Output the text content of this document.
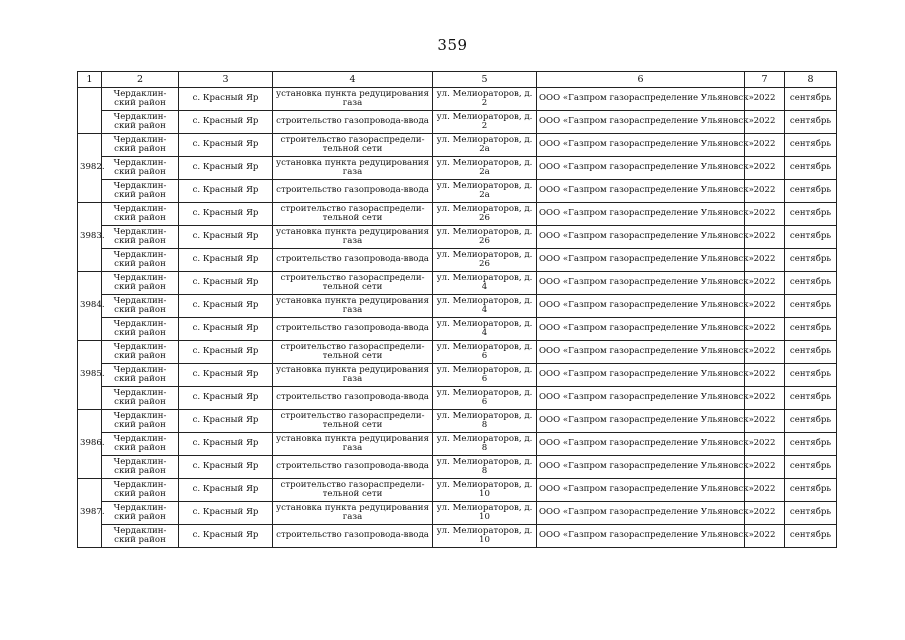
359
1	2	3	4	5	6	7	8
	Чердаклин-ский район	с. Красный Яр	установка пункта редуцирования газа	ул. Мелиораторов, д. 2	ООО «Газпром газораспределение Ульяновск»	2022	сентябрь
	Чердаклин-ский район	с. Красный Яр	строительство газопровода-ввода	ул. Мелиораторов, д. 2	ООО «Газпром газораспределение Ульяновск»	2022	сентябрь
3982.	Чердаклин-ский район	с. Красный Яр	строительство газораспредели-тельной сети	ул. Мелиораторов, д. 2а	ООО «Газпром газораспределение Ульяновск»	2022	сентябрь
	Чердаклин-ский район	с. Красный Яр	установка пункта редуцирования газа	ул. Мелиораторов, д. 2а	ООО «Газпром газораспределение Ульяновск»	2022	сентябрь
	Чердаклин-ский район	с. Красный Яр	строительство газопровода-ввода	ул. Мелиораторов, д. 2а	ООО «Газпром газораспределение Ульяновск»	2022	сентябрь
3983.	Чердаклин-ский район	с. Красный Яр	строительство газораспредели-тельной сети	ул. Мелиораторов, д. 26	ООО «Газпром газораспределение Ульяновск»	2022	сентябрь
	Чердаклин-ский район	с. Красный Яр	установка пункта редуцирования газа	ул. Мелиораторов, д. 26	ООО «Газпром газораспределение Ульяновск»	2022	сентябрь
	Чердаклин-ский район	с. Красный Яр	строительство газопровода-ввода	ул. Мелиораторов, д. 26	ООО «Газпром газораспределение Ульяновск»	2022	сентябрь
3984.	Чердаклин-ский район	с. Красный Яр	строительство газораспредели-тельной сети	ул. Мелиораторов, д. 4	ООО «Газпром газораспределение Ульяновск»	2022	сентябрь
	Чердаклин-ский район	с. Красный Яр	установка пункта редуцирования газа	ул. Мелиораторов, д. 4	ООО «Газпром газораспределение Ульяновск»	2022	сентябрь
	Чердаклин-ский район	с. Красный Яр	строительство газопровода-ввода	ул. Мелиораторов, д. 4	ООО «Газпром газораспределение Ульяновск»	2022	сентябрь
3985.	Чердаклин-ский район	с. Красный Яр	строительство газораспредели-тельной сети	ул. Мелиораторов, д. 6	ООО «Газпром газораспределение Ульяновск»	2022	сентябрь
	Чердаклин-ский район	с. Красный Яр	установка пункта редуцирования газа	ул. Мелиораторов, д. 6	ООО «Газпром газораспределение Ульяновск»	2022	сентябрь
	Чердаклин-ский район	с. Красный Яр	строительство газопровода-ввода	ул. Мелиораторов, д. 6	ООО «Газпром газораспределение Ульяновск»	2022	сентябрь
3986.	Чердаклин-ский район	с. Красный Яр	строительство газораспредели-тельной сети	ул. Мелиораторов, д. 8	ООО «Газпром газораспределение Ульяновск»	2022	сентябрь
	Чердаклин-ский район	с. Красный Яр	установка пункта редуцирования газа	ул. Мелиораторов, д. 8	ООО «Газпром газораспределение Ульяновск»	2022	сентябрь
	Чердаклин-ский район	с. Красный Яр	строительство газопровода-ввода	ул. Мелиораторов, д. 8	ООО «Газпром газораспределение Ульяновск»	2022	сентябрь
3987.	Чердаклин-ский район	с. Красный Яр	строительство газораспредели-тельной сети	ул. Мелиораторов, д. 10	ООО «Газпром газораспределение Ульяновск»	2022	сентябрь
	Чердаклин-ский район	с. Красный Яр	установка пункта редуцирования газа	ул. Мелиораторов, д. 10	ООО «Газпром газораспределение Ульяновск»	2022	сентябрь
	Чердаклин-ский район	с. Красный Яр	строительство газопровода-ввода	ул. Мелиораторов, д. 10	ООО «Газпром газораспределение Ульяновск»	2022	сентябрь
